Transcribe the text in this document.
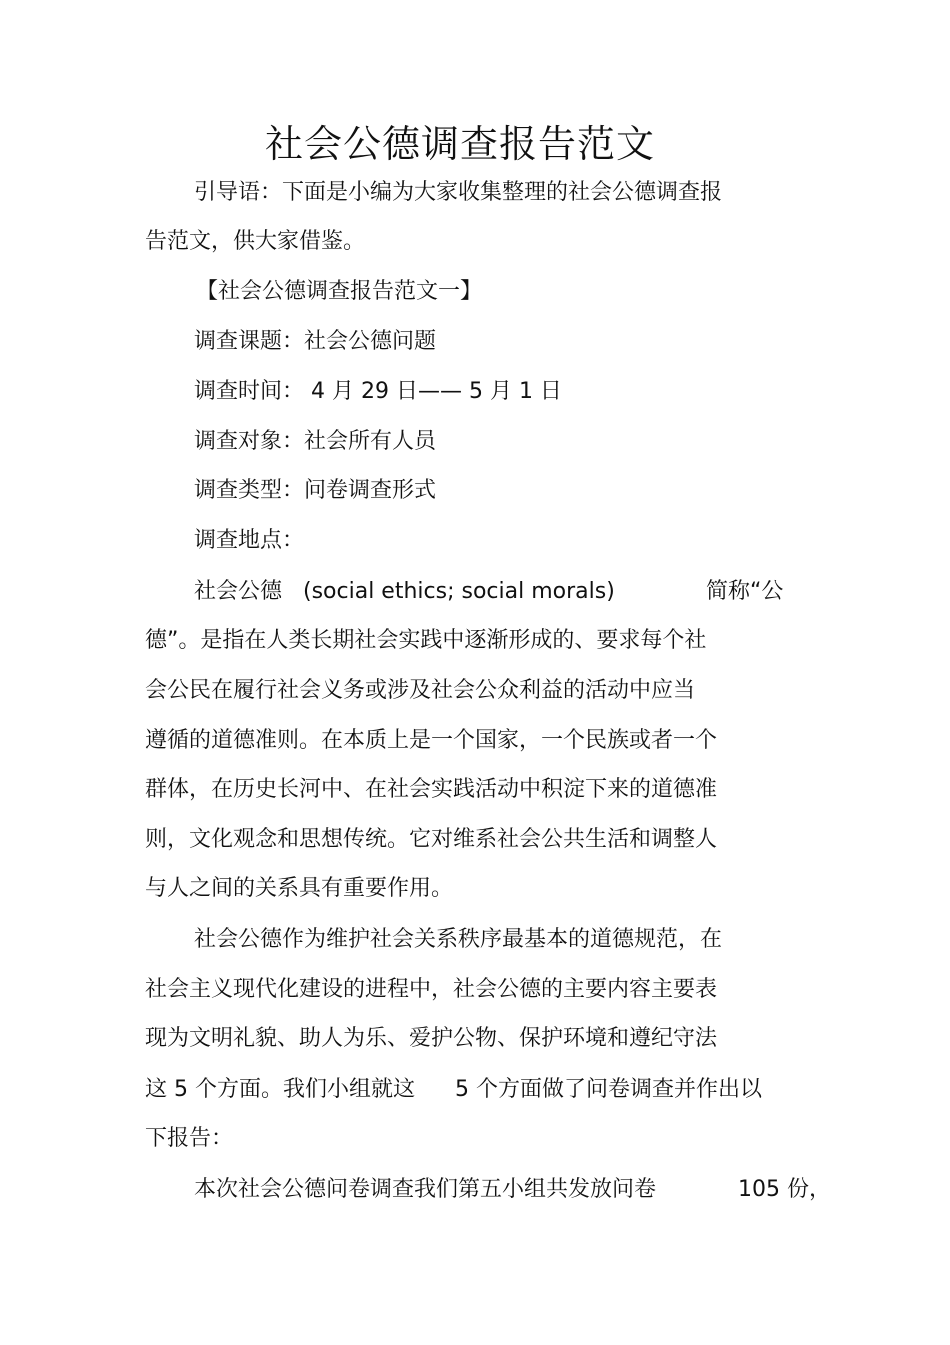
社会公德调查报告范文
引导语：下面是小编为大家收集整理的社会公德调查报
告范文，供大家借鉴。
【社会公德调查报告范文一】
调查课题：社会公德问题
调查时间： 4 月 29 日—— 5 月 1 日
调查对象：社会所有人员
调查类型：问卷调查形式
调查地点：
社会公德 (social ethics; social morals)	简称“公
德”。是指在人类长期社会实践中逐渐形成的、要求每个社
会公民在履行社会义务或涉及社会公众利益的活动中应当
遵循的道德准则。在本质上是一个国家，一个民族或者一个
群体，在历史长河中、在社会实践活动中积淀下来的道德准
则，文化观念和思想传统。它对维系社会公共生活和调整人
与人之间的关系具有重要作用。
社会公德作为维护社会关系秩序最基本的道德规范，在
社会主义现代化建设的进程中，社会公德的主要内容主要表
现为文明礼貌、助人为乐、爱护公物、保护环境和遵纪守法
这 5 个方面。我们小组就这 5 个方面做了问卷调查并作出以
下报告：
本次社会公德问卷调查我们第五小组共发放问卷	105 份，
